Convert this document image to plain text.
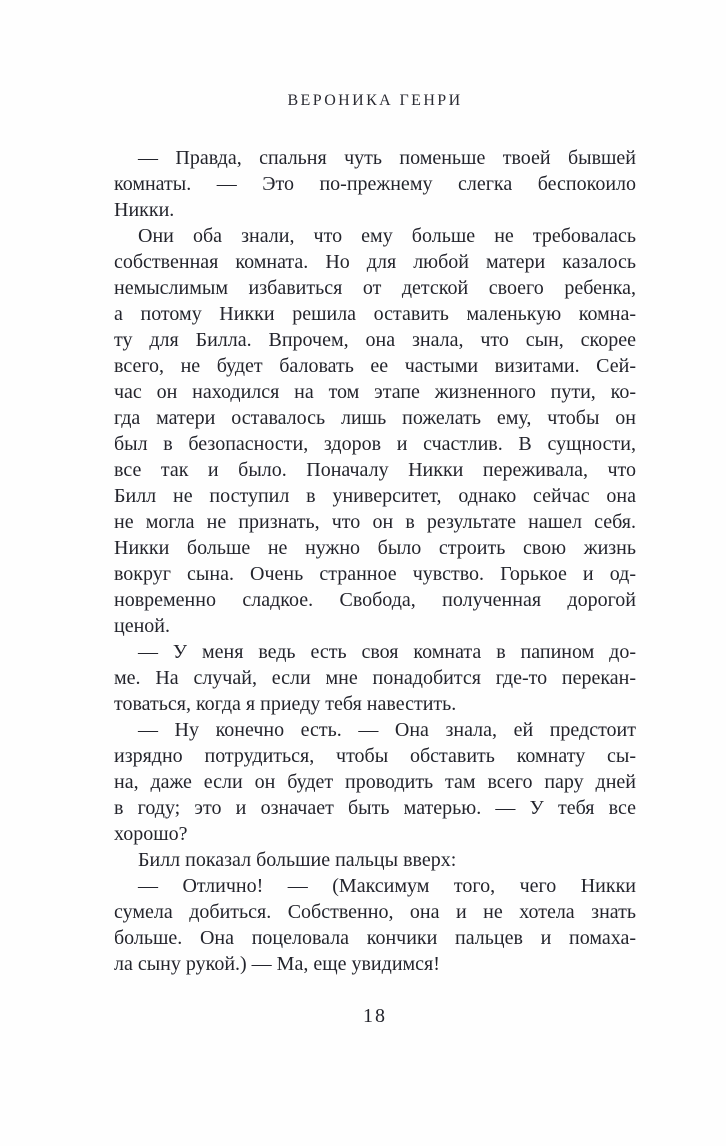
ВЕРОНИКА ГЕНРИ
— Правда, спальня чуть поменьше твоей бывшей
комнаты. — Это по-прежнему слегка беспокоило
Никки.
Они оба знали, что ему больше не требовалась
собственная комната. Но для любой матери казалось
немыслимым избавиться от детской своего ребенка,
а потому Никки решила оставить маленькую комна-
ту для Билла. Впрочем, она знала, что сын, скорее
всего, не будет баловать ее частыми визитами. Сей-
час он находился на том этапе жизненного пути, ко-
гда матери оставалось лишь пожелать ему, чтобы он
был в безопасности, здоров и счастлив. В сущности,
все так и было. Поначалу Никки переживала, что
Билл не поступил в университет, однако сейчас она
не могла не признать, что он в результате нашел себя.
Никки больше не нужно было строить свою жизнь
вокруг сына. Очень странное чувство. Горькое и од-
новременно сладкое. Свобода, полученная дорогой
ценой.
— У меня ведь есть своя комната в папином до-
ме. На случай, если мне понадобится где-то перекан-
товаться, когда я приеду тебя навестить.
— Ну конечно есть. — Она знала, ей предстоит
изрядно потрудиться, чтобы обставить комнату сы-
на, даже если он будет проводить там всего пару дней
в году; это и означает быть матерью. — У тебя все
хорошо?
Билл показал большие пальцы вверх:
— Отлично! — (Максимум того, чего Никки
сумела добиться. Собственно, она и не хотела знать
больше. Она поцеловала кончики пальцев и помаха-
ла сыну рукой.) — Ма, еще увидимся!
18
